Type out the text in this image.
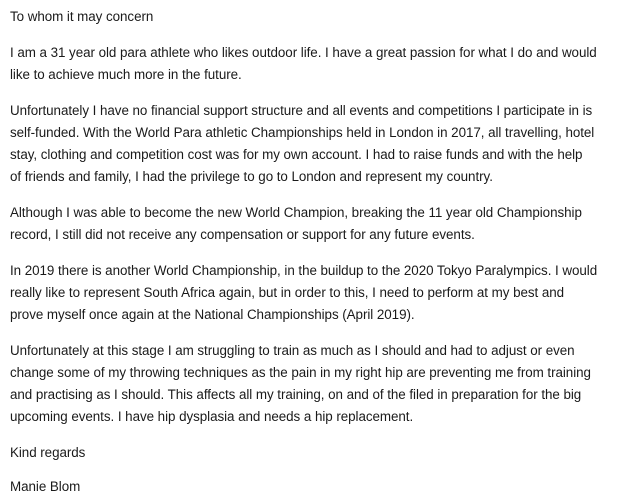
To whom it may concern
I am a 31 year old para athlete who likes outdoor life. I have a great passion for what I do and would
like to achieve much more in the future.
Unfortunately I have no financial support structure and all events and competitions I participate in is
self-funded. With the World Para athletic Championships held in London in 2017, all travelling, hotel
stay, clothing and competition cost was for my own account. I had to raise funds and with the help
of friends and family, I had the privilege to go to London and represent my country.
Although I was able to become the new World Champion, breaking the 11 year old Championship
record, I still did not receive any compensation or support for any future events.
In 2019 there is another World Championship, in the buildup to the 2020 Tokyo Paralympics. I would
really like to represent South Africa again, but in order to this, I need to perform at my best and
prove myself once again at the National Championships (April 2019).
Unfortunately at this stage I am struggling to train as much as I should and had to adjust or even
change some of my throwing techniques as the pain in my right hip are preventing me from training
and practising as I should. This affects all my training, on and of the filed in preparation for the big
upcoming events. I have hip dysplasia and needs a hip replacement.
Kind regards
Manie Blom
